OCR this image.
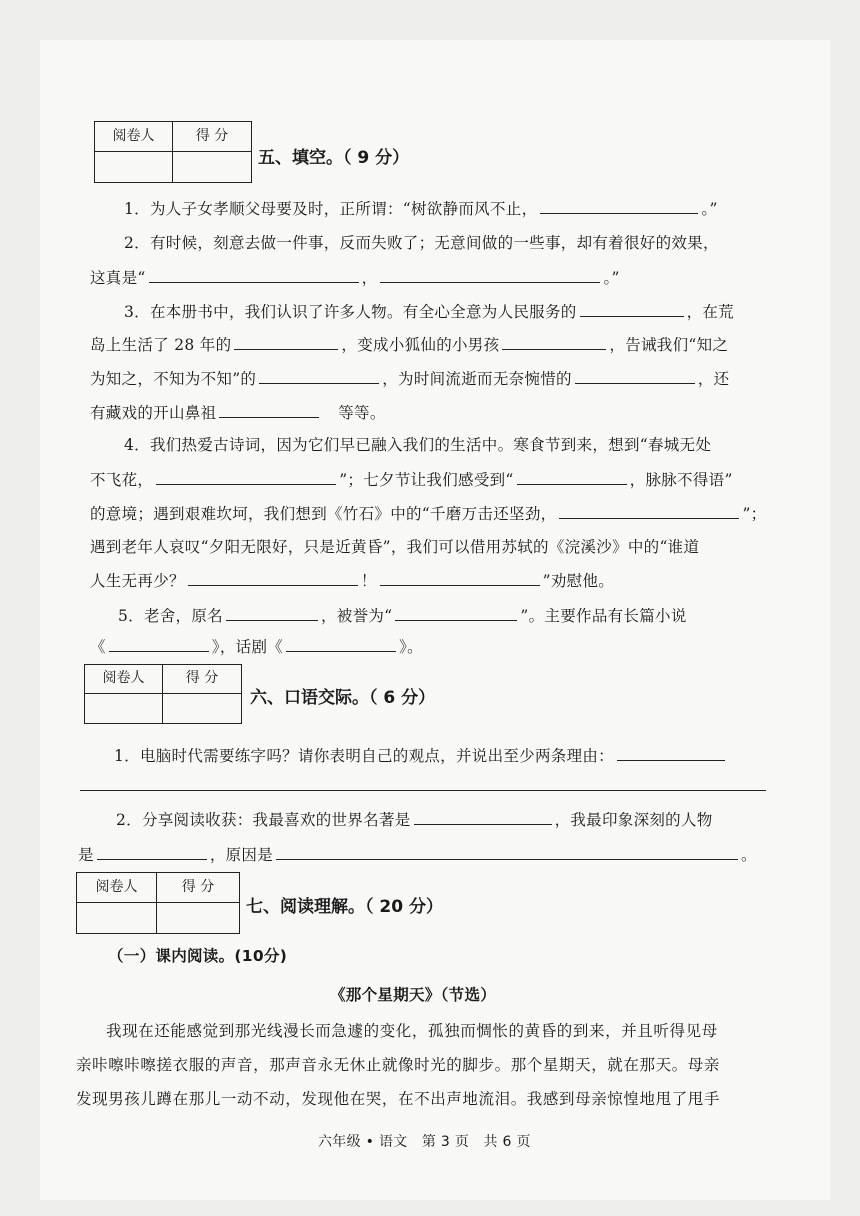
阅卷人	得 分
五、填空。（ 9 分）
1．为人子女孝顺父母要及时，正所谓：“树欲静而风不止，	。”
2．有时候，刻意去做一件事，反而失败了；无意间做的一些事，却有着很好的效果，
这真是“	，	。”
3．在本册书中，我们认识了许多人物。有全心全意为人民服务的	，在荒
岛上生活了 28 年的	，变成小狐仙的小男孩	，告诫我们“知之
为知之，不知为不知”的	，为时间流逝而无奈惋惜的	，还
有藏戏的开山鼻祖　	等等。
4．我们热爱古诗词，因为它们早已融入我们的生活中。寒食节到来，想到“春城无处
不飞花，	”；七夕节让我们感受到“	，脉脉不得语”
的意境；遇到艰难坎坷，我们想到《竹石》中的“千磨万击还坚劲，	”；
遇到老年人哀叹“夕阳无限好，只是近黄昏”，我们可以借用苏轼的《浣溪沙》中的“谁道
人生无再少？	！	”劝慰他。
5．老舍，原名	，被誉为“	”。主要作品有长篇小说
《	》，话剧《	》。
阅卷人	得 分
六、口语交际。（ 6 分）
1．电脑时代需要练字吗？请你表明自己的观点，并说出至少两条理由：
2．分享阅读收获：我最喜欢的世界名著是	，我最印象深刻的人物
是	，原因是	。
阅卷人	得 分
七、阅读理解。（ 20 分）
（一）课内阅读。(10分)
《那个星期天》（节选）
我现在还能感觉到那光线漫长而急遽的变化，孤独而惆怅的黄昏的到来，并且听得见母
亲咔嚓咔嚓搓衣服的声音，那声音永无休止就像时光的脚步。那个星期天，就在那天。母亲
发现男孩儿蹲在那儿一动不动，发现他在哭，在不出声地流泪。我感到母亲惊惶地甩了甩手
六年级 • 语文　第 3 页　共 6 页
